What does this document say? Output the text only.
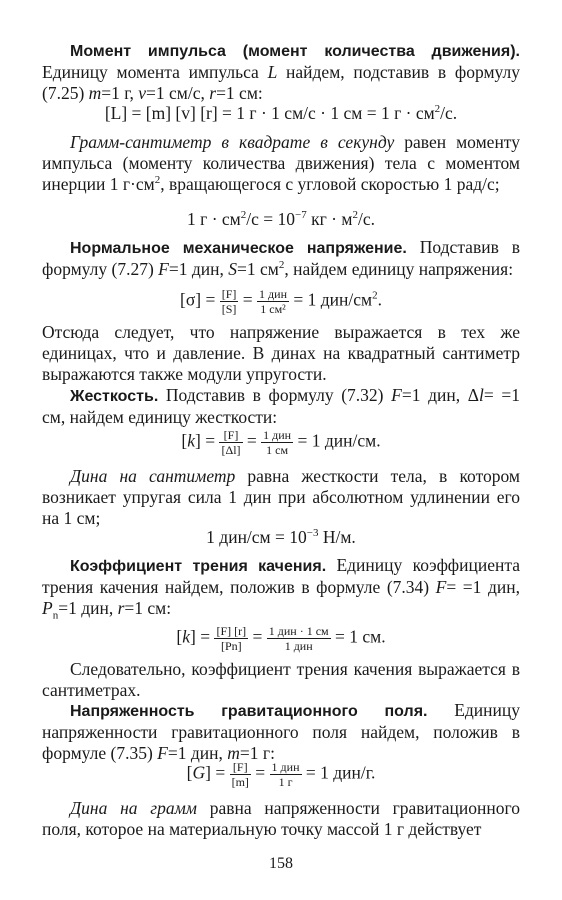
Момент импульса (момент количества движения). Единицу момента импульса L найдем, подставив в формулу (7.25) m=1 г, v=1 см/с, r=1 см:
[L] = [m] [v] [r] = 1 г · 1 см/с · 1 см = 1 $г \cdot см^2/с$.
Грамм-сантиметр в квадрате в секунду равен моменту импульса (моменту количества движения) тела с моментом инерции 1 $г\cdot см^2$, вращающегося с угловой скоростью 1 рад/с;
1 $г \cdot см^2/с = 10^{-7}$ кг · $м^2/с$.
Нормальное механическое напряжение. Подставив в формулу (7.27) F=1 дин, S=1 $см^2$, найдем единицу напряжения:
$[\sigma] = \frac{[F]}{[S]} = \frac{\text{1 дин}}{\text{1 см²}} = 1$ дин/$см^2$.
Отсюда следует, что напряжение выражается в тех же единицах, что и давление. В динах на квадратный сантиметр выражаются также модули упругости.
Жесткость. Подставив в формулу (7.32) F=1 дин, Δl= =1 см, найдем единицу жесткости:
$[k] = \frac{[F]}{[\Delta l]} = \frac{\text{1 дин}}{1 см} = 1$ дин/см.
Дина на сантиметр равна жесткости тела, в котором возникает упругая сила 1 дин при абсолютном удлинении его на 1 см;
1 $дин/см = 10^{-3}$ Н/м.
Коэффициент трения качения. Единицу коэффициента трения качения найдем, положив в формуле (7.34) F= =1 дин, $P_n=1$ дин, r=1 см:
$[k] = \frac{[F] [r]}{[Pn]} = \frac{\text{1 дин · 1 см}}{\text{1 дин}} = 1$ см.
Следовательно, коэффициент трения качения выражается в сантиметрах.
Напряженность гравитационного поля. Единицу напряженности гравитационного поля найдем, положив в формуле (7.35) F=1 дин, m=1 г:
$[G] = \frac{[F]}{[m]} = \frac{\text{1 дин}}{1 г} = 1$ дин/г.
Дина на грамм равна напряженности гравитационного поля, которое на материальную точку массой 1 г действует
158
